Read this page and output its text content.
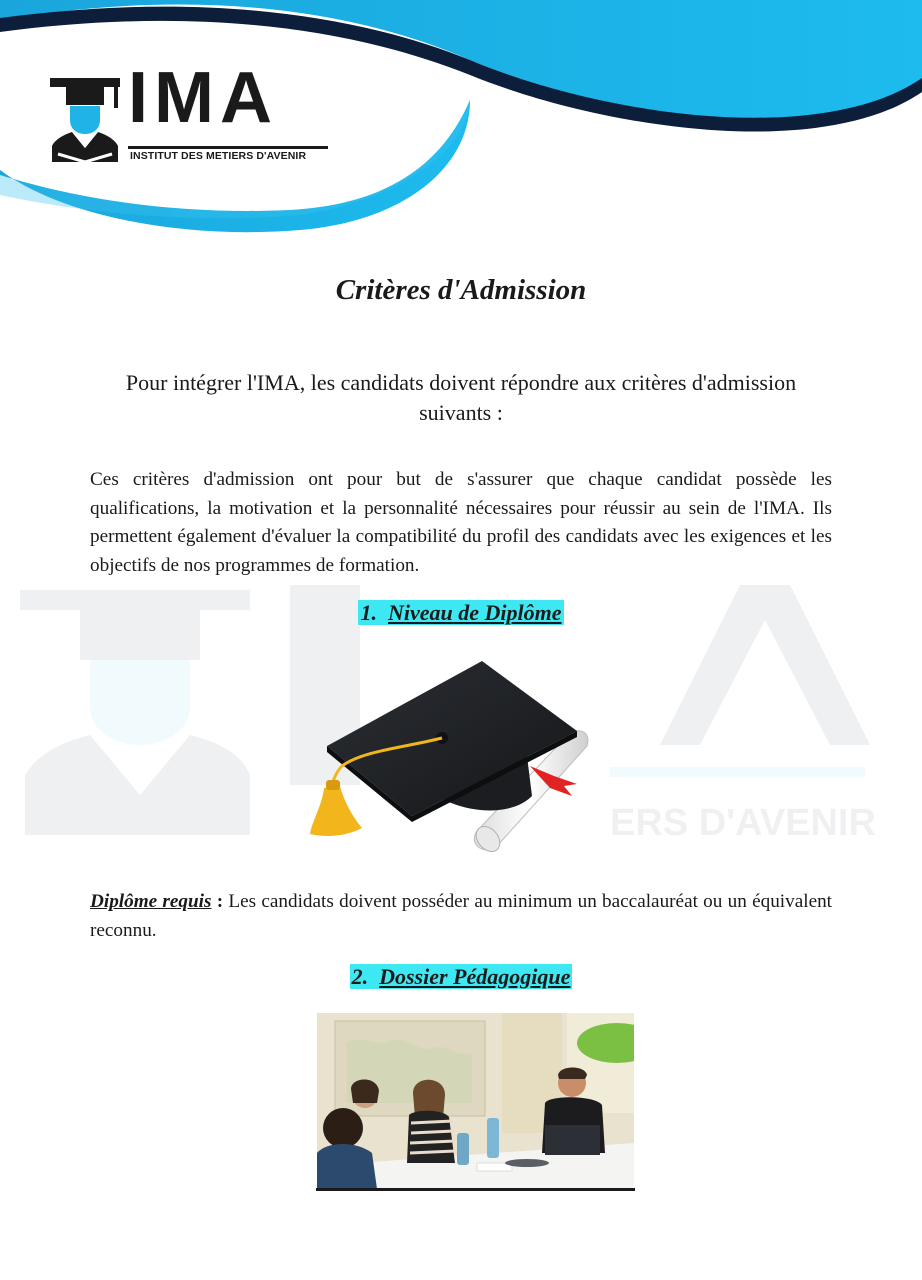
IMA
INSTITUT DES METIERS D'AVENIR
ERS D'AVENIR
Critères d'Admission
Pour intégrer l'IMA, les candidats doivent répondre aux critères d'admission suivants :
Ces critères d'admission ont pour but de s'assurer que chaque candidat possède les qualifications, la motivation et la personnalité nécessaires pour réussir au sein de l'IMA. Ils permettent également d'évaluer la compatibilité du profil des candidats avec les exigences et les objectifs de nos programmes de formation.
1. Niveau de Diplôme
Diplôme requis : Les candidats doivent posséder au minimum un baccalauréat ou un équivalent reconnu.
2. Dossier Pédagogique
